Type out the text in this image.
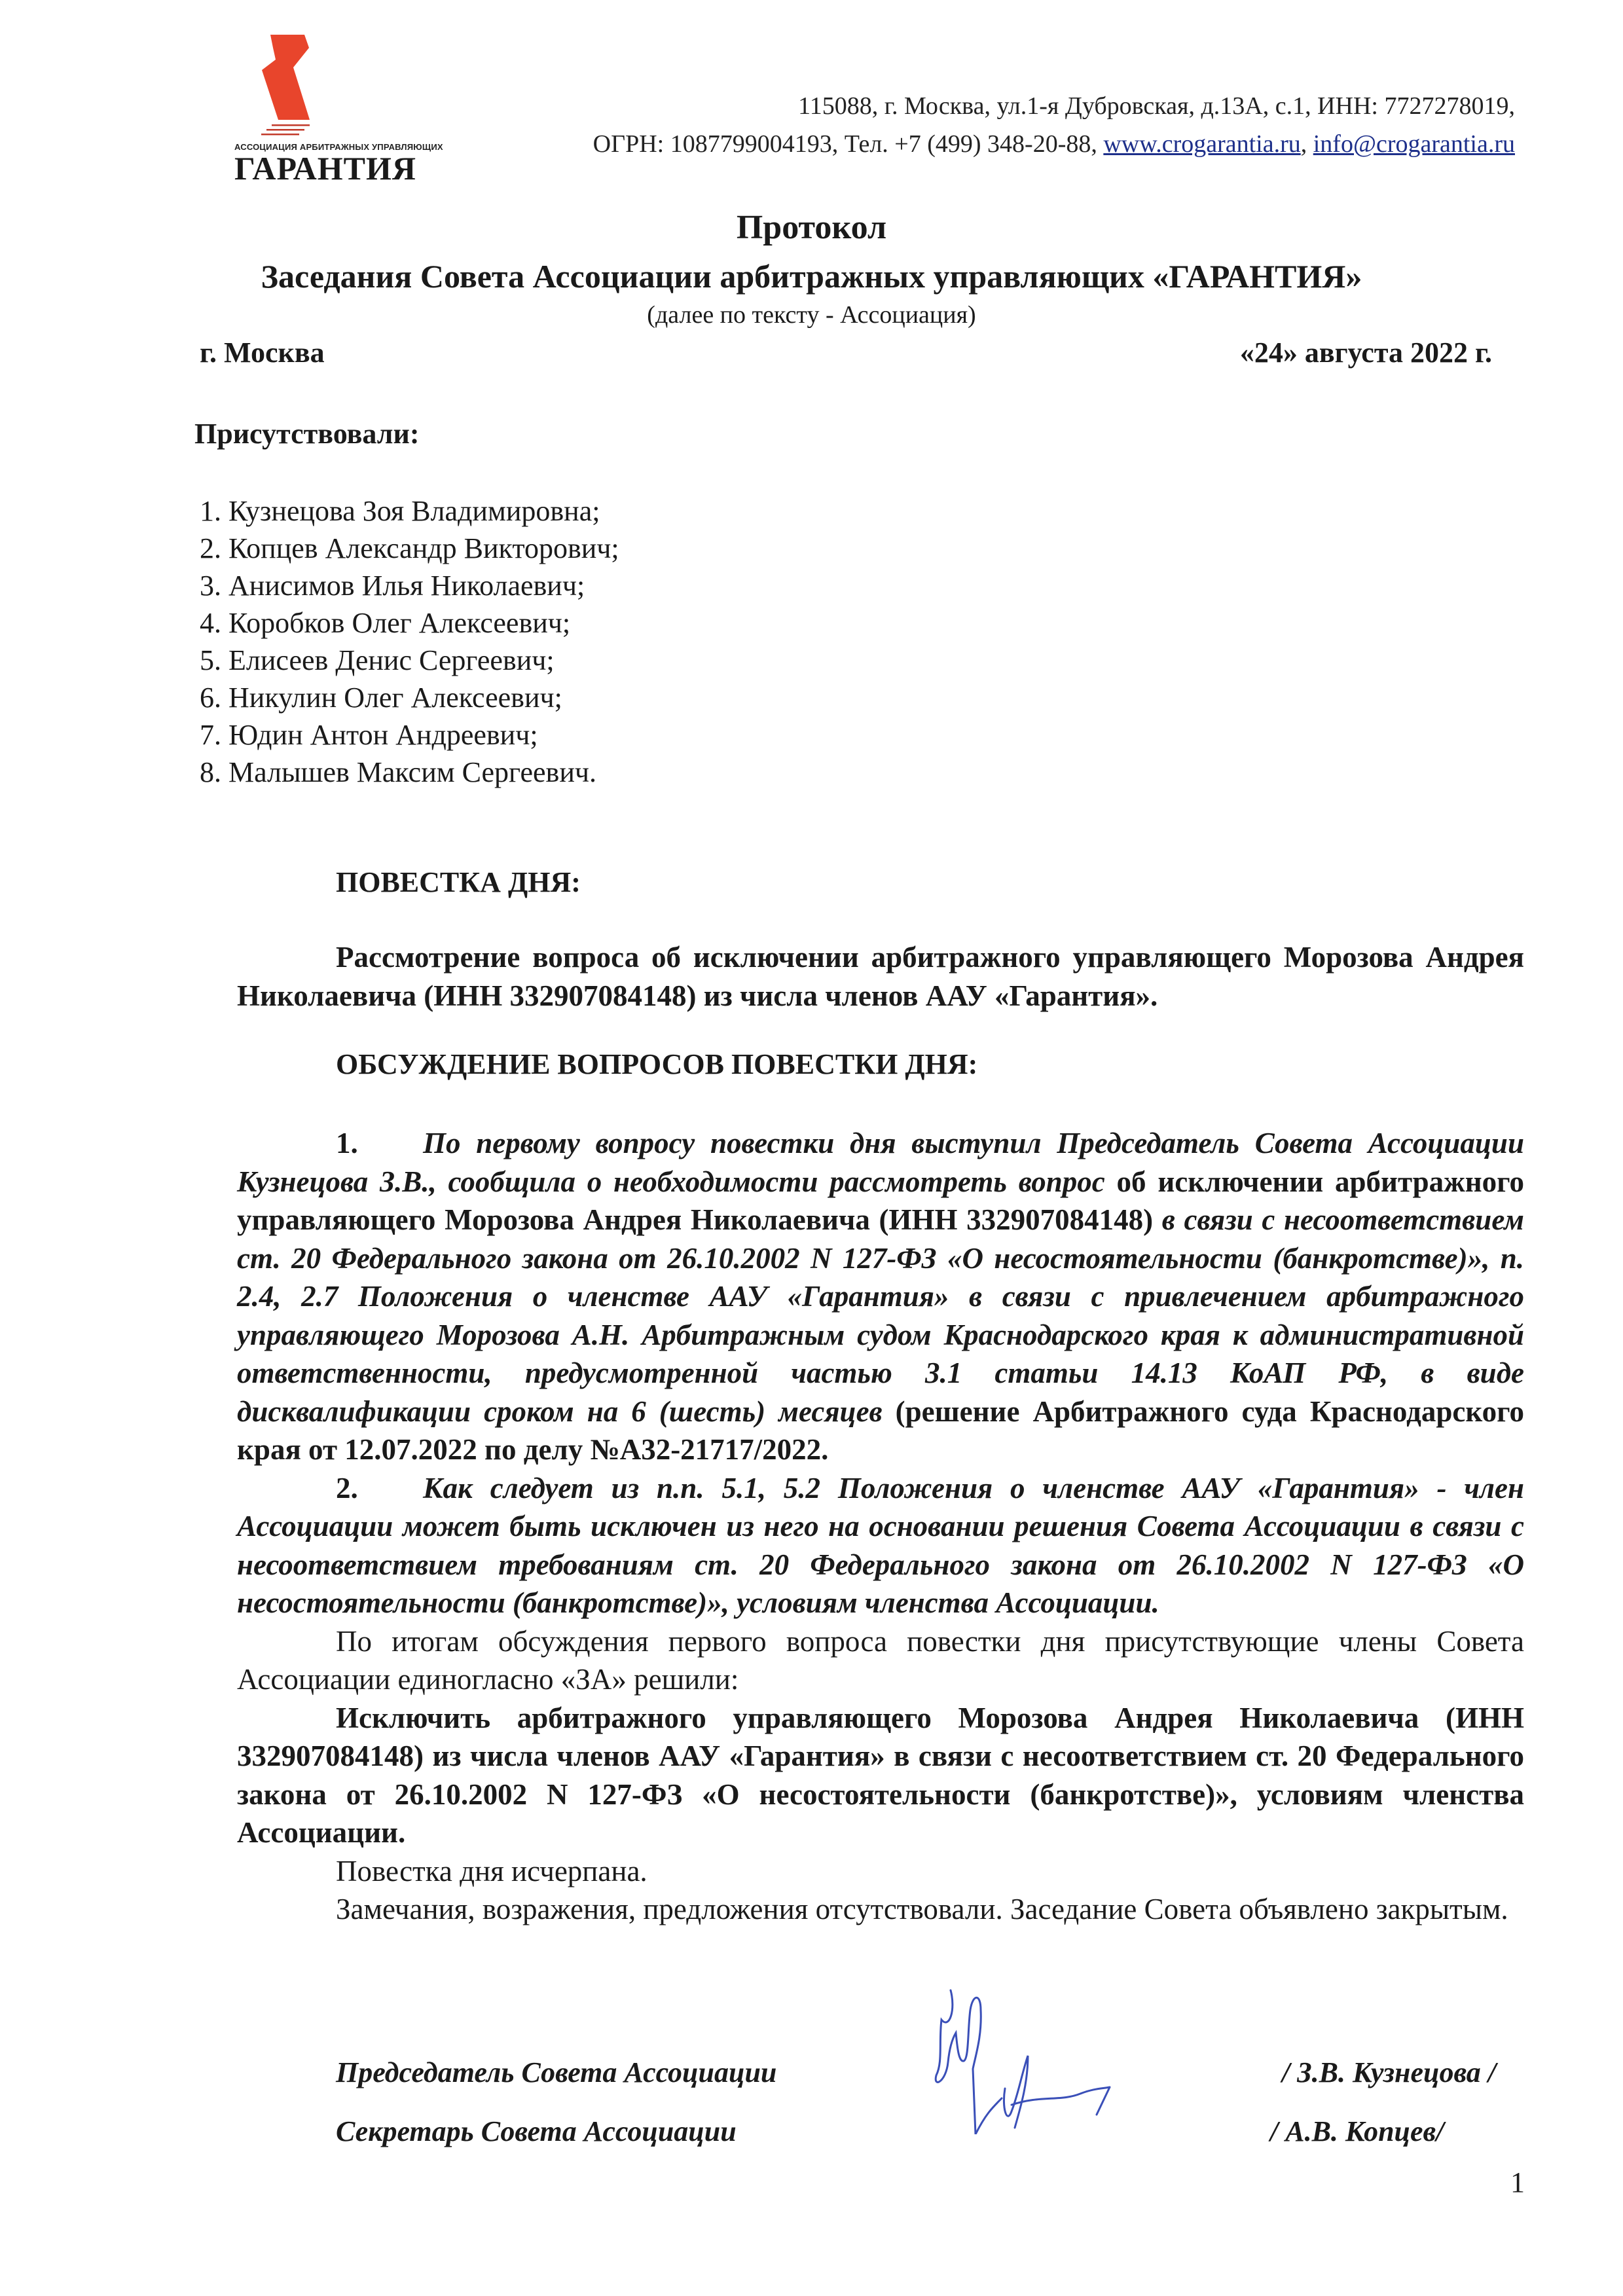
АССОЦИАЦИЯ АРБИТРАЖНЫХ УПРАВЛЯЮЩИХ
ГАРАНТИЯ
115088, г. Москва, ул.1-я Дубровская, д.13А, с.1, ИНН: 7727278019,
ОГРН: 1087799004193, Тел. +7 (499) 348-20-88, www.crogarantia.ru, info@crogarantia.ru
Протокол
Заседания Совета Ассоциации арбитражных управляющих «ГАРАНТИЯ»
(далее по тексту - Ассоциация)
г. Москва	«24» августа 2022 г.
Присутствовали:
1. Кузнецова Зоя Владимировна;
2. Копцев Александр Викторович;
3. Анисимов Илья Николаевич;
4. Коробков Олег Алексеевич;
5. Елисеев Денис Сергеевич;
6. Никулин Олег Алексеевич;
7. Юдин Антон Андреевич;
8. Малышев Максим Сергеевич.
ПОВЕСТКА ДНЯ:
Рассмотрение вопроса об исключении арбитражного управляющего Морозова Андрея Николаевича (ИНН 332907084148) из числа членов ААУ «Гарантия».
ОБСУЖДЕНИЕ ВОПРОСОВ ПОВЕСТКИ ДНЯ:

1. По первому вопросу повестки дня выступил Председатель Совета Ассоциации Кузнецова З.В., сообщила о необходимости рассмотреть вопрос об исключении арбитражного управляющего Морозова Андрея Николаевича (ИНН 332907084148) в связи с несоответствием ст. 20 Федерального закона от 26.10.2002 N 127-ФЗ «О несостоятельности (банкротстве)», п. 2.4, 2.7 Положения о членстве ААУ «Гарантия» в связи с привлечением арбитражного управляющего Морозова А.Н. Арбитражным судом Краснодарского края к административной ответственности, предусмотренной частью 3.1 статьи 14.13 КоАП РФ, в виде дисквалификации сроком на 6 (шесть) месяцев (решение Арбитражного суда Краснодарского края от 12.07.2022 по делу №А32-21717/2022.

2. Как следует из п.п. 5.1, 5.2 Положения о членстве ААУ «Гарантия» - член Ассоциации может быть исключен из него на основании решения Совета Ассоциации в связи с несоответствием требованиям ст. 20 Федерального закона от 26.10.2002 N 127-ФЗ «О несостоятельности (банкротстве)», условиям членства Ассоциации.

По итогам обсуждения первого вопроса повестки дня присутствующие члены Совета Ассоциации единогласно «ЗА» решили:

Исключить арбитражного управляющего Морозова Андрея Николаевича (ИНН 332907084148) из числа членов ААУ «Гарантия» в связи с несоответствием ст. 20 Федерального закона от 26.10.2002 N 127-ФЗ «О несостоятельности (банкротстве)», условиям членства Ассоциации.

Повестка дня исчерпана.

Замечания, возражения, предложения отсутствовали. Заседание Совета объявлено закрытым.

Председатель Совета Ассоциации	/ З.В. Кузнецова /
Секретарь Совета Ассоциации	/ А.В. Копцев/
1
